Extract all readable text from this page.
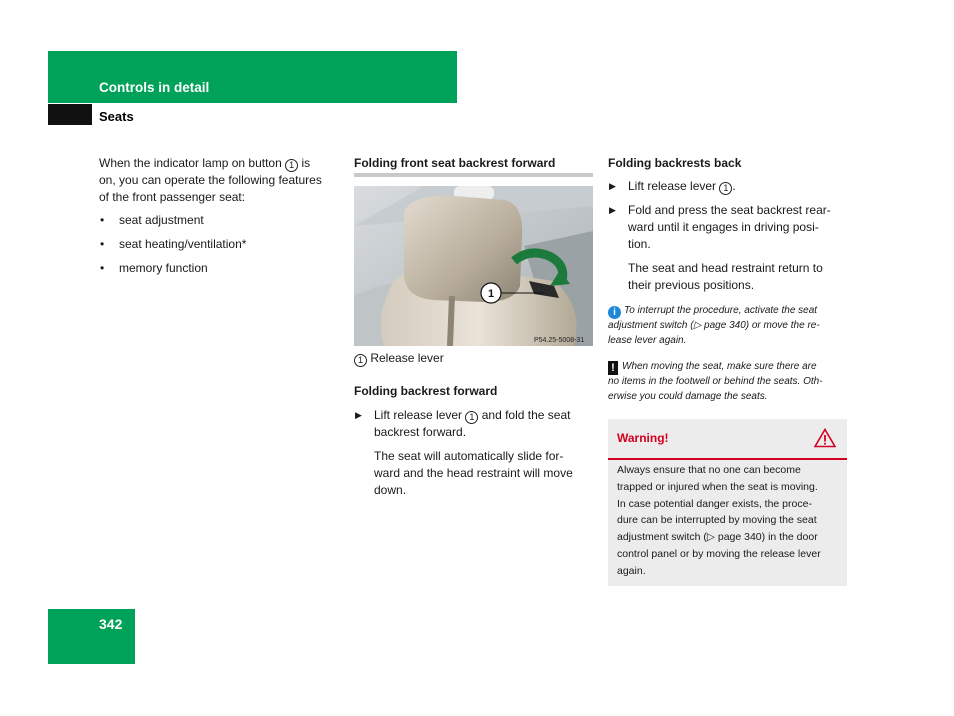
Controls in detail
Seats
When the indicator lamp on button 1 is
on, you can operate the following features
of the front passenger seat:
• seat adjustment
• seat heating/ventilation*
• memory function
Folding front seat backrest forward
1
P54.25-5008-31
1 Release lever
Folding backrest forward
▶ Lift release lever 1 and fold the seat
backrest forward.
The seat will automatically slide for-
ward and the head restraint will move
down.
Folding backrests back
▶ Lift release lever 1 .
▶ Fold and press the seat backrest rear-
ward until it engages in driving posi-
tion.
The seat and head restraint return to
their previous positions.
i To interrupt the procedure, activate the seat
adjustment switch (▷ page 340) or move the re-
lease lever again.
! When moving the seat, make sure there are
no items in the footwell or behind the seats. Oth-
erwise you could damage the seats.
Warning!
Always ensure that no one can become
trapped or injured when the seat is moving.
In case potential danger exists, the proce-
dure can be interrupted by moving the seat
adjustment switch (▷ page 340) in the door
control panel or by moving the release lever
again.
342
